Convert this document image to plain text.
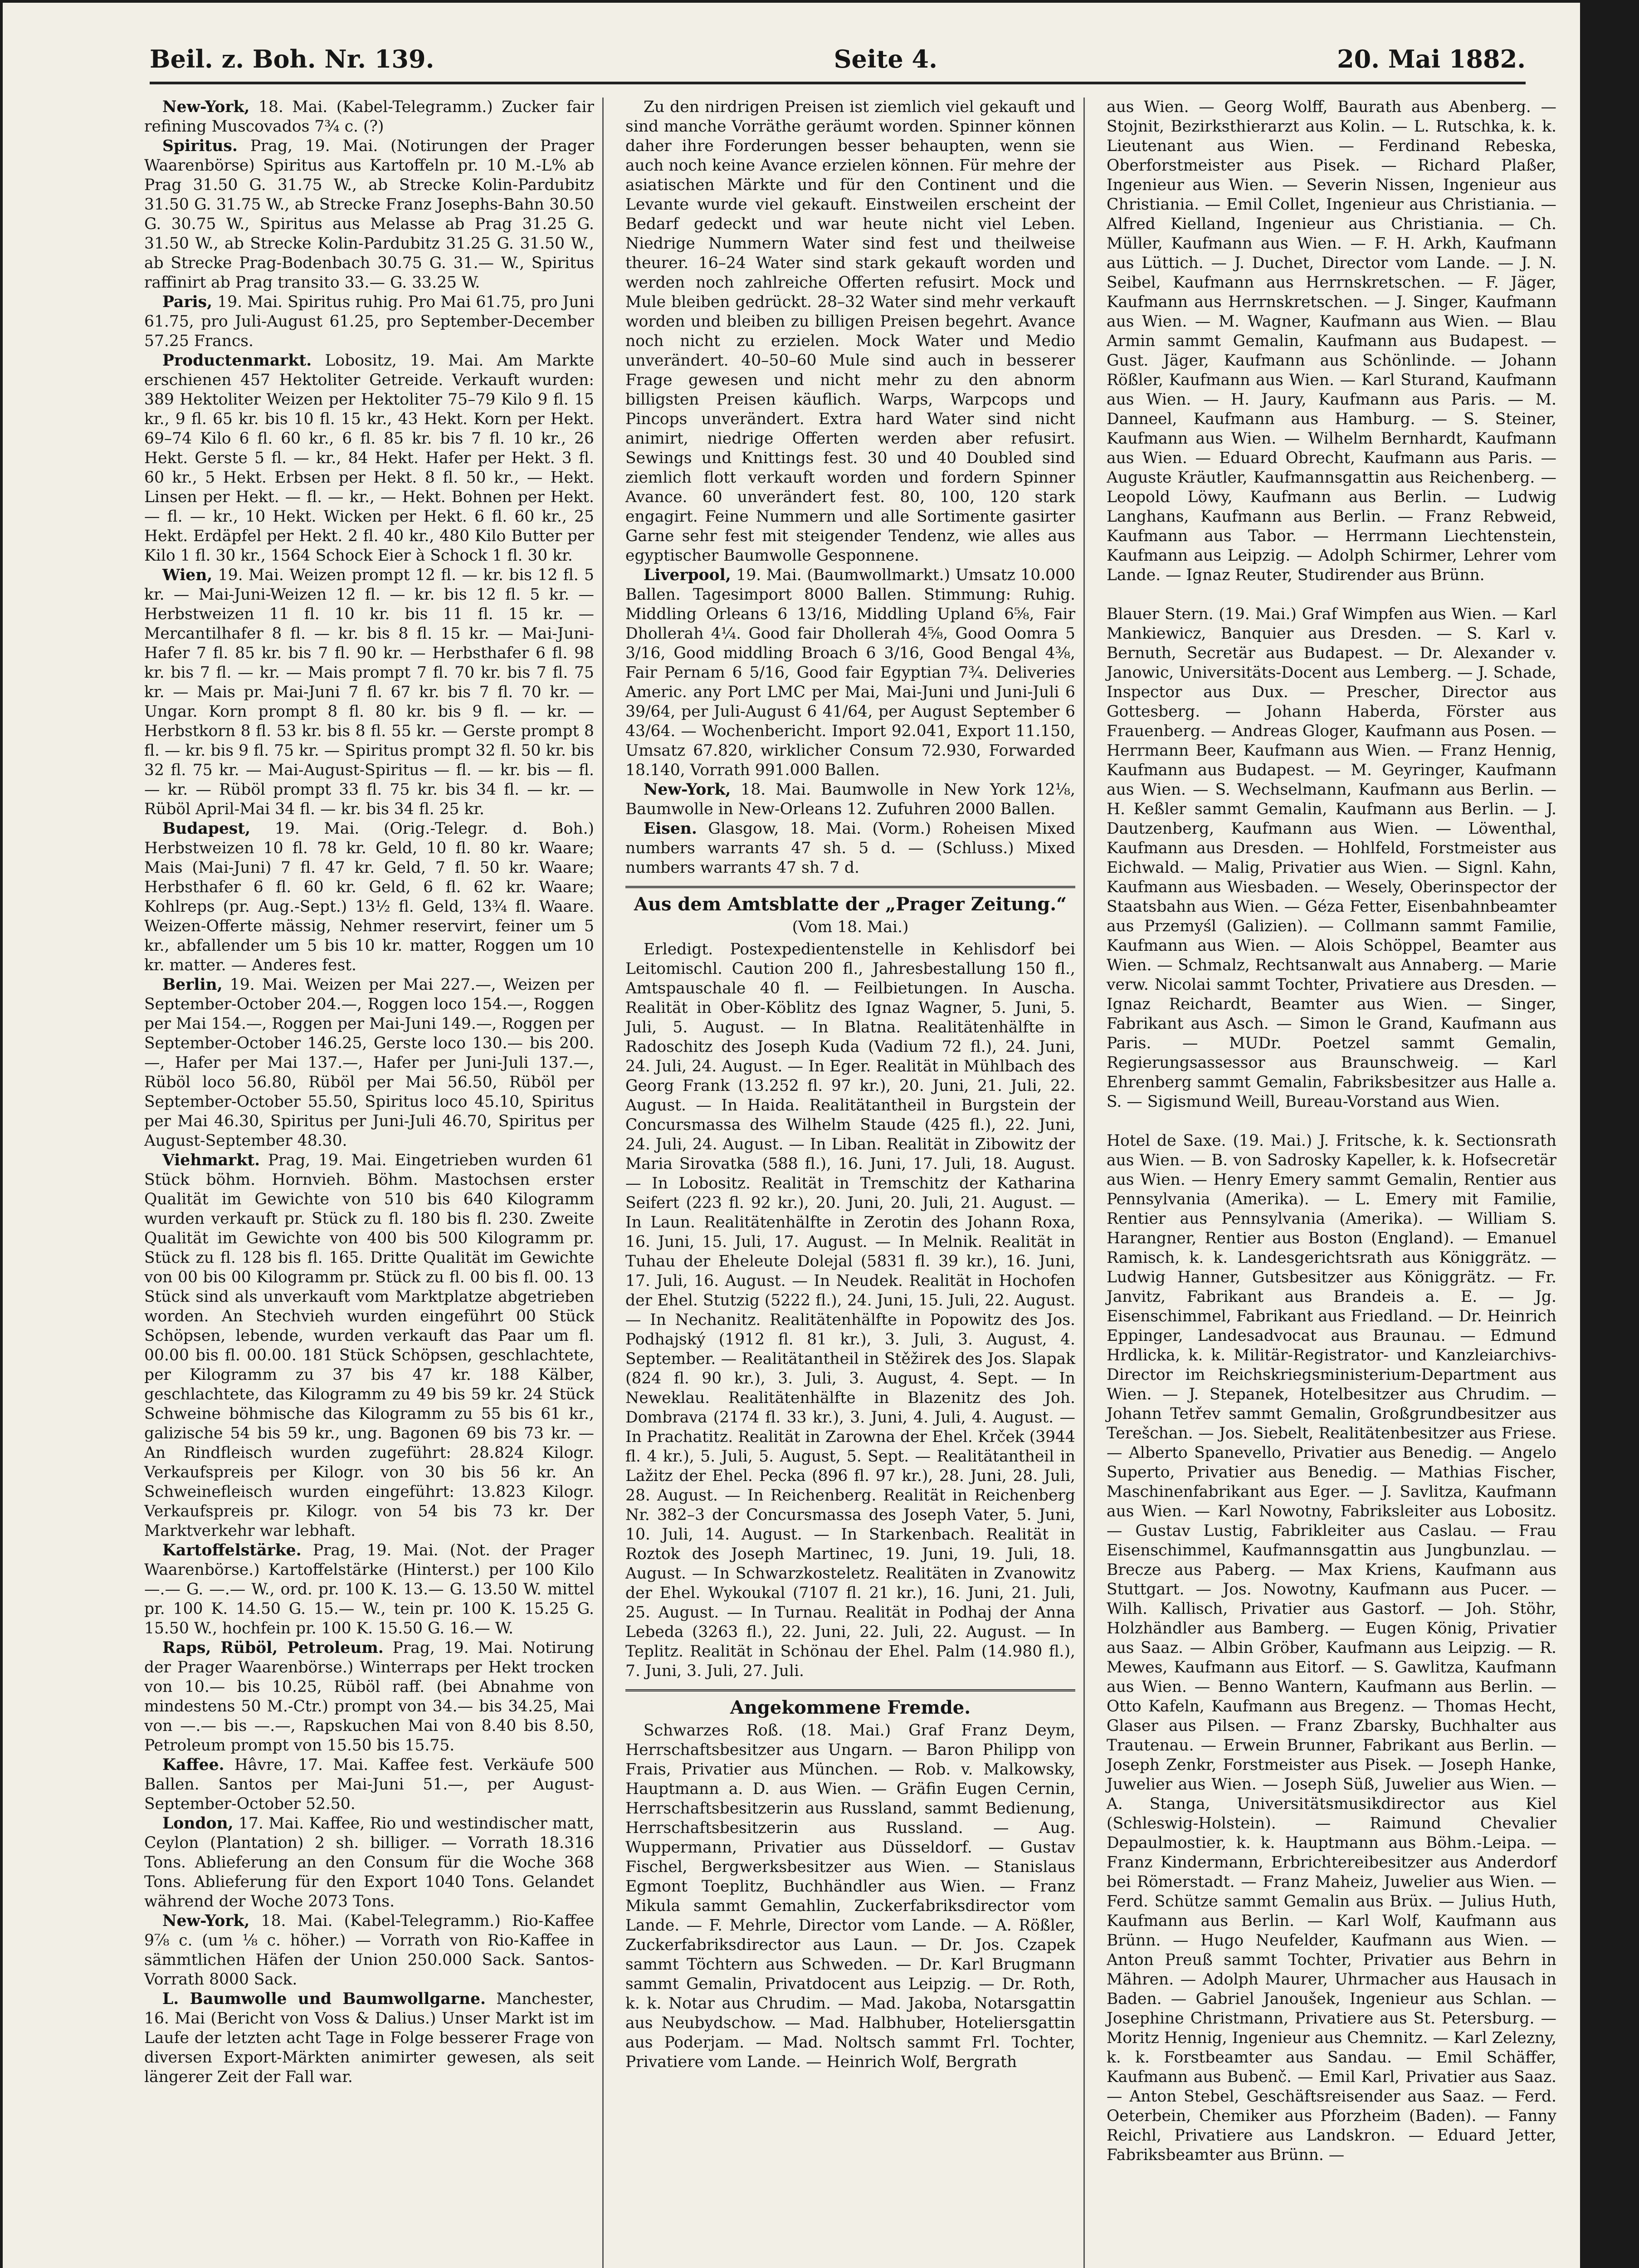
Beil. z. Boh. Nr. 139.	Seite 4.	20. Mai 1882.

New-York, 18. Mai. (Kabel-Telegramm.) Zucker fair refining Muscovados 7¾ c. (?)

Spiritus. Prag, 19. Mai. (Notirungen der Prager Waarenbörse) Spiritus aus Kartoffeln pr. 10 M.-L% ab Prag 31.50 G. 31.75 W., ab Strecke Kolin-Pardubitz 31.50 G. 31.75 W., ab Strecke Franz Josephs-Bahn 30.50 G. 30.75 W., Spiritus aus Melasse ab Prag 31.25 G. 31.50 W., ab Strecke Kolin-Pardubitz 31.25 G. 31.50 W., ab Strecke Prag-Bodenbach 30.75 G. 31.— W., Spiritus raffinirt ab Prag transito 33.— G. 33.25 W.

Paris, 19. Mai. Spiritus ruhig. Pro Mai 61.75, pro Juni 61.75, pro Juli-August 61.25, pro September-December 57.25 Francs.

Productenmarkt. Lobositz, 19. Mai. Am Markte erschienen 457 Hektoliter Getreide. Verkauft wurden: 389 Hektoliter Weizen per Hektoliter 75–79 Kilo 9 fl. 15 kr., 9 fl. 65 kr. bis 10 fl. 15 kr., 43 Hekt. Korn per Hekt. 69–74 Kilo 6 fl. 60 kr., 6 fl. 85 kr. bis 7 fl. 10 kr., 26 Hekt. Gerste 5 fl. — kr., 84 Hekt. Hafer per Hekt. 3 fl. 60 kr., 5 Hekt. Erbsen per Hekt. 8 fl. 50 kr., — Hekt. Linsen per Hekt. — fl. — kr., — Hekt. Bohnen per Hekt. — fl. — kr., 10 Hekt. Wicken per Hekt. 6 fl. 60 kr., 25 Hekt. Erdäpfel per Hekt. 2 fl. 40 kr., 480 Kilo Butter per Kilo 1 fl. 30 kr., 1564 Schock Eier à Schock 1 fl. 30 kr.

Wien, 19. Mai. Weizen prompt 12 fl. — kr. bis 12 fl. 5 kr. — Mai-Juni-Weizen 12 fl. — kr. bis 12 fl. 5 kr. — Herbstweizen 11 fl. 10 kr. bis 11 fl. 15 kr. — Mercantilhafer 8 fl. — kr. bis 8 fl. 15 kr. — Mai-Juni-Hafer 7 fl. 85 kr. bis 7 fl. 90 kr. — Herbsthafer 6 fl. 98 kr. bis 7 fl. — kr. — Mais prompt 7 fl. 70 kr. bis 7 fl. 75 kr. — Mais pr. Mai-Juni 7 fl. 67 kr. bis 7 fl. 70 kr. — Ungar. Korn prompt 8 fl. 80 kr. bis 9 fl. — kr. — Herbstkorn 8 fl. 53 kr. bis 8 fl. 55 kr. — Gerste prompt 8 fl. — kr. bis 9 fl. 75 kr. — Spiritus prompt 32 fl. 50 kr. bis 32 fl. 75 kr. — Mai-August-Spiritus — fl. — kr. bis — fl. — kr. — Rüböl prompt 33 fl. 75 kr. bis 34 fl. — kr. — Rüböl April-Mai 34 fl. — kr. bis 34 fl. 25 kr.

Budapest, 19. Mai. (Orig.-Telegr. d. Boh.) Herbstweizen 10 fl. 78 kr. Geld, 10 fl. 80 kr. Waare; Mais (Mai-Juni) 7 fl. 47 kr. Geld, 7 fl. 50 kr. Waare; Herbsthafer 6 fl. 60 kr. Geld, 6 fl. 62 kr. Waare; Kohlreps (pr. Aug.-Sept.) 13½ fl. Geld, 13¾ fl. Waare. Weizen-Offerte mässig, Nehmer reservirt, feiner um 5 kr., abfallender um 5 bis 10 kr. matter, Roggen um 10 kr. matter. — Anderes fest.

Berlin, 19. Mai. Weizen per Mai 227.—, Weizen per September-October 204.—, Roggen loco 154.—, Roggen per Mai 154.—, Roggen per Mai-Juni 149.—, Roggen per September-October 146.25, Gerste loco 130.— bis 200.—, Hafer per Mai 137.—, Hafer per Juni-Juli 137.—, Rüböl loco 56.80, Rüböl per Mai 56.50, Rüböl per September-October 55.50, Spiritus loco 45.10, Spiritus per Mai 46.30, Spiritus per Juni-Juli 46.70, Spiritus per August-September 48.30.

Viehmarkt. Prag, 19. Mai. Eingetrieben wurden 61 Stück böhm. Hornvieh. Böhm. Mastochsen erster Qualität im Gewichte von 510 bis 640 Kilogramm wurden verkauft pr. Stück zu fl. 180 bis fl. 230. Zweite Qualität im Gewichte von 400 bis 500 Kilogramm pr. Stück zu fl. 128 bis fl. 165. Dritte Qualität im Gewichte von 00 bis 00 Kilogramm pr. Stück zu fl. 00 bis fl. 00. 13 Stück sind als unverkauft vom Marktplatze abgetrieben worden. An Stechvieh wurden eingeführt 00 Stück Schöpsen, lebende, wurden verkauft das Paar um fl. 00.00 bis fl. 00.00. 181 Stück Schöpsen, geschlachtete, per Kilogramm zu 37 bis 47 kr. 188 Kälber, geschlachtete, das Kilogramm zu 49 bis 59 kr. 24 Stück Schweine böhmische das Kilogramm zu 55 bis 61 kr., galizische 54 bis 59 kr., ung. Bagonen 69 bis 73 kr. — An Rindfleisch wurden zugeführt: 28.824 Kilogr. Verkaufspreis per Kilogr. von 30 bis 56 kr. An Schweinefleisch wurden eingeführt: 13.823 Kilogr. Verkaufspreis pr. Kilogr. von 54 bis 73 kr. Der Marktverkehr war lebhaft.

Kartoffelstärke. Prag, 19. Mai. (Not. der Prager Waarenbörse.) Kartoffelstärke (Hinterst.) per 100 Kilo —.— G. —.— W., ord. pr. 100 K. 13.— G. 13.50 W. mittel pr. 100 K. 14.50 G. 15.— W., tein pr. 100 K. 15.25 G. 15.50 W., hochfein pr. 100 K. 15.50 G. 16.— W.

Raps, Rüböl, Petroleum. Prag, 19. Mai. Notirung der Prager Waarenbörse.) Winterraps per Hekt trocken von 10.— bis 10.25, Rüböl raff. (bei Abnahme von mindestens 50 M.-Ctr.) prompt von 34.— bis 34.25, Mai von —.— bis —.—, Rapskuchen Mai von 8.40 bis 8.50, Petroleum prompt von 15.50 bis 15.75.

Kaffee. Hâvre, 17. Mai. Kaffee fest. Verkäufe 500 Ballen. Santos per Mai-Juni 51.—, per August-September-October 52.50.

London, 17. Mai. Kaffee, Rio und westindischer matt, Ceylon (Plantation) 2 sh. billiger. — Vorrath 18.316 Tons. Ablieferung an den Consum für die Woche 368 Tons. Ablieferung für den Export 1040 Tons. Gelandet während der Woche 2073 Tons.

New-York, 18. Mai. (Kabel-Telegramm.) Rio-Kaffee 9⅞ c. (um ⅛ c. höher.) — Vorrath von Rio-Kaffee in sämmtlichen Häfen der Union 250.000 Sack. Santos-Vorrath 8000 Sack.

L. Baumwolle und Baumwollgarne. Manchester, 16. Mai (Bericht von Voss & Dalius.) Unser Markt ist im Laufe der letzten acht Tage in Folge besserer Frage von diversen Export-Märkten animirter gewesen, als seit längerer Zeit der Fall war.

Zu den nirdrigen Preisen ist ziemlich viel gekauft und sind manche Vorräthe geräumt worden. Spinner können daher ihre Forderungen besser behaupten, wenn sie auch noch keine Avance erzielen können. Für mehre der asiatischen Märkte und für den Continent und die Levante wurde viel gekauft. Einstweilen erscheint der Bedarf gedeckt und war heute nicht viel Leben. Niedrige Nummern Water sind fest und theilweise theurer. 16–24 Water sind stark gekauft worden und werden noch zahlreiche Offerten refusirt. Mock und Mule bleiben gedrückt. 28–32 Water sind mehr verkauft worden und bleiben zu billigen Preisen begehrt. Avance noch nicht zu erzielen. Mock Water und Medio unverändert. 40–50–60 Mule sind auch in besserer Frage gewesen und nicht mehr zu den abnorm billigsten Preisen käuflich. Warps, Warpcops und Pincops unverändert. Extra hard Water sind nicht animirt, niedrige Offerten werden aber refusirt. Sewings und Knittings fest. 30 und 40 Doubled sind ziemlich flott verkauft worden und fordern Spinner Avance. 60 unverändert fest. 80, 100, 120 stark engagirt. Feine Nummern und alle Sortimente gasirter Garne sehr fest mit steigender Tendenz, wie alles aus egyptischer Baumwolle Gesponnene.

Liverpool, 19. Mai. (Baumwollmarkt.) Umsatz 10.000 Ballen. Tagesimport 8000 Ballen. Stimmung: Ruhig. Middling Orleans 6 13/16, Middling Upland 6⅝, Fair Dhollerah 4¼. Good fair Dhollerah 4⅝, Good Oomra 5 3/16, Good middling Broach 6 3/16, Good Bengal 4⅜, Fair Pernam 6 5/16, Good fair Egyptian 7¾. Deliveries Americ. any Port LMC per Mai, Mai-Juni und Juni-Juli 6 39/64, per Juli-August 6 41/64, per August September 6 43/64. — Wochenbericht. Import 92.041, Export 11.150, Umsatz 67.820, wirklicher Consum 72.930, Forwarded 18.140, Vorrath 991.000 Ballen.

New-York, 18. Mai. Baumwolle in New York 12⅛, Baumwolle in New-Orleans 12. Zufuhren 2000 Ballen.

Eisen. Glasgow, 18. Mai. (Vorm.) Roheisen Mixed numbers warrants 47 sh. 5 d. — (Schluss.) Mixed numbers warrants 47 sh. 7 d.

Aus dem Amtsblatte der „Prager Zeitung.“
(Vom 18. Mai.)

Erledigt. Postexpedientenstelle in Kehlisdorf bei Leitomischl. Caution 200 fl., Jahresbestallung 150 fl., Amtspauschale 40 fl. — Feilbietungen. In Auscha. Realität in Ober-Köblitz des Ignaz Wagner, 5. Juni, 5. Juli, 5. August. — In Blatna. Realitätenhälfte in Radoschitz des Joseph Kuda (Vadium 72 fl.), 24. Juni, 24. Juli, 24. August. — In Eger. Realität in Mühlbach des Georg Frank (13.252 fl. 97 kr.), 20. Juni, 21. Juli, 22. August. — In Haida. Realitätantheil in Burgstein der Concursmassa des Wilhelm Staude (425 fl.), 22. Juni, 24. Juli, 24. August. — In Liban. Realität in Zibowitz der Maria Sirovatka (588 fl.), 16. Juni, 17. Juli, 18. August. — In Lobositz. Realität in Tremschitz der Katharina Seifert (223 fl. 92 kr.), 20. Juni, 20. Juli, 21. August. — In Laun. Realitätenhälfte in Zerotin des Johann Roxa, 16. Juni, 15. Juli, 17. August. — In Melnik. Realität in Tuhau der Eheleute Dolejal (5831 fl. 39 kr.), 16. Juni, 17. Juli, 16. August. — In Neudek. Realität in Hochofen der Ehel. Stutzig (5222 fl.), 24. Juni, 15. Juli, 22. August. — In Nechanitz. Realitätenhälfte in Popowitz des Jos. Podhajský (1912 fl. 81 kr.), 3. Juli, 3. August, 4. September. — Realitätantheil in Stěžirek des Jos. Slapak (824 fl. 90 kr.), 3. Juli, 3. August, 4. Sept. — In Neweklau. Realitätenhälfte in Blazenitz des Joh. Dombrava (2174 fl. 33 kr.), 3. Juni, 4. Juli, 4. August. — In Prachatitz. Realität in Zarowna der Ehel. Krček (3944 fl. 4 kr.), 5. Juli, 5. August, 5. Sept. — Realitätantheil in Lažitz der Ehel. Pecka (896 fl. 97 kr.), 28. Juni, 28. Juli, 28. August. — In Reichenberg. Realität in Reichenberg Nr. 382–3 der Concursmassa des Joseph Vater, 5. Juni, 10. Juli, 14. August. — In Starkenbach. Realität in Roztok des Joseph Martinec, 19. Juni, 19. Juli, 18. August. — In Schwarzkosteletz. Realitäten in Zvanowitz der Ehel. Wykoukal (7107 fl. 21 kr.), 16. Juni, 21. Juli, 25. August. — In Turnau. Realität in Podhaj der Anna Lebeda (3263 fl.), 22. Juni, 22. Juli, 22. August. — In Teplitz. Realität in Schönau der Ehel. Palm (14.980 fl.), 7. Juni, 3. Juli, 27. Juli.

Angekommene Fremde.

Schwarzes Roß. (18. Mai.) Graf Franz Deym, Herrschaftsbesitzer aus Ungarn. — Baron Philipp von Frais, Privatier aus München. — Rob. v. Malkowsky, Hauptmann a. D. aus Wien. — Gräfin Eugen Cernin, Herrschaftsbesitzerin aus Russland, sammt Bedienung, Herrschaftsbesitzerin aus Russland. — Aug. Wuppermann, Privatier aus Düsseldorf. — Gustav Fischel, Bergwerksbesitzer aus Wien. — Stanislaus Egmont Toeplitz, Buchhändler aus Wien. — Franz Mikula sammt Gemahlin, Zuckerfabriksdirector vom Lande. — F. Mehrle, Director vom Lande. — A. Rößler, Zuckerfabriksdirector aus Laun. — Dr. Jos. Czapek sammt Töchtern aus Schweden. — Dr. Karl Brugmann sammt Gemalin, Privatdocent aus Leipzig. — Dr. Roth, k. k. Notar aus Chrudim. — Mad. Jakoba, Notarsgattin aus Neubydschow. — Mad. Halbhuber, Hoteliersgattin aus Poderjam. — Mad. Noltsch sammt Frl. Tochter, Privatiere vom Lande. — Heinrich Wolf, Bergrath

aus Wien. — Georg Wolff, Baurath aus Abenberg. — Stojnit, Bezirksthierarzt aus Kolin. — L. Rutschka, k. k. Lieutenant aus Wien. — Ferdinand Rebeska, Oberforstmeister aus Pisek. — Richard Plaßer, Ingenieur aus Wien. — Severin Nissen, Ingenieur aus Christiania. — Emil Collet, Ingenieur aus Christiania. — Alfred Kielland, Ingenieur aus Christiania. — Ch. Müller, Kaufmann aus Wien. — F. H. Arkh, Kaufmann aus Lüttich. — J. Duchet, Director vom Lande. — J. N. Seibel, Kaufmann aus Herrnskretschen. — F. Jäger, Kaufmann aus Herrnskretschen. — J. Singer, Kaufmann aus Wien. — M. Wagner, Kaufmann aus Wien. — Blau Armin sammt Gemalin, Kaufmann aus Budapest. — Gust. Jäger, Kaufmann aus Schönlinde. — Johann Rößler, Kaufmann aus Wien. — Karl Sturand, Kaufmann aus Wien. — H. Jaury, Kaufmann aus Paris. — M. Danneel, Kaufmann aus Hamburg. — S. Steiner, Kaufmann aus Wien. — Wilhelm Bernhardt, Kaufmann aus Wien. — Eduard Obrecht, Kaufmann aus Paris. — Auguste Kräutler, Kaufmannsgattin aus Reichenberg. — Leopold Löwy, Kaufmann aus Berlin. — Ludwig Langhans, Kaufmann aus Berlin. — Franz Rebweid, Kaufmann aus Tabor. — Herrmann Liechtenstein, Kaufmann aus Leipzig. — Adolph Schirmer, Lehrer vom Lande. — Ignaz Reuter, Studirender aus Brünn.

Blauer Stern. (19. Mai.) Graf Wimpfen aus Wien. — Karl Mankiewicz, Banquier aus Dresden. — S. Karl v. Bernuth, Secretär aus Budapest. — Dr. Alexander v. Janowic, Universitäts-Docent aus Lemberg. — J. Schade, Inspector aus Dux. — Prescher, Director aus Gottesberg. — Johann Haberda, Förster aus Frauenberg. — Andreas Gloger, Kaufmann aus Posen. — Herrmann Beer, Kaufmann aus Wien. — Franz Hennig, Kaufmann aus Budapest. — M. Geyringer, Kaufmann aus Wien. — S. Wechselmann, Kaufmann aus Berlin. — H. Keßler sammt Gemalin, Kaufmann aus Berlin. — J. Dautzenberg, Kaufmann aus Wien. — Löwenthal, Kaufmann aus Dresden. — Hohlfeld, Forstmeister aus Eichwald. — Malig, Privatier aus Wien. — Signl. Kahn, Kaufmann aus Wiesbaden. — Wesely, Oberinspector der Staatsbahn aus Wien. — Géza Fetter, Eisenbahnbeamter aus Przemyśl (Galizien). — Collmann sammt Familie, Kaufmann aus Wien. — Alois Schöppel, Beamter aus Wien. — Schmalz, Rechtsanwalt aus Annaberg. — Marie verw. Nicolai sammt Tochter, Privatiere aus Dresden. — Ignaz Reichardt, Beamter aus Wien. — Singer, Fabrikant aus Asch. — Simon le Grand, Kaufmann aus Paris. — MUDr. Poetzel sammt Gemalin, Regierungsassessor aus Braunschweig. — Karl Ehrenberg sammt Gemalin, Fabriksbesitzer aus Halle a. S. — Sigismund Weill, Bureau-Vorstand aus Wien.

Hotel de Saxe. (19. Mai.) J. Fritsche, k. k. Sectionsrath aus Wien. — B. von Sadrosky Kapeller, k. k. Hofsecretär aus Wien. — Henry Emery sammt Gemalin, Rentier aus Pennsylvania (Amerika). — L. Emery mit Familie, Rentier aus Pennsylvania (Amerika). — William S. Harangner, Rentier aus Boston (England). — Emanuel Ramisch, k. k. Landesgerichtsrath aus Königgrätz. — Ludwig Hanner, Gutsbesitzer aus Königgrätz. — Fr. Janvitz, Fabrikant aus Brandeis a. E. — Jg. Eisenschimmel, Fabrikant aus Friedland. — Dr. Heinrich Eppinger, Landesadvocat aus Braunau. — Edmund Hrdlicka, k. k. Militär-Registrator- und Kanzleiarchivs-Director im Reichskriegsministerium-Department aus Wien. — J. Stepanek, Hotelbesitzer aus Chrudim. — Johann Tetřev sammt Gemalin, Großgrundbesitzer aus Terešchan. — Jos. Siebelt, Realitätenbesitzer aus Friese. — Alberto Spanevello, Privatier aus Benedig. — Angelo Superto, Privatier aus Benedig. — Mathias Fischer, Maschinenfabrikant aus Eger. — J. Savlitza, Kaufmann aus Wien. — Karl Nowotny, Fabriksleiter aus Lobositz. — Gustav Lustig, Fabrikleiter aus Caslau. — Frau Eisenschimmel, Kaufmannsgattin aus Jungbunzlau. — Brecze aus Paberg. — Max Kriens, Kaufmann aus Stuttgart. — Jos. Nowotny, Kaufmann aus Pucer. — Wilh. Kallisch, Privatier aus Gastorf. — Joh. Stöhr, Holzhändler aus Bamberg. — Eugen König, Privatier aus Saaz. — Albin Gröber, Kaufmann aus Leipzig. — R. Mewes, Kaufmann aus Eitorf. — S. Gawlitza, Kaufmann aus Wien. — Benno Wantern, Kaufmann aus Berlin. — Otto Kafeln, Kaufmann aus Bregenz. — Thomas Hecht, Glaser aus Pilsen. — Franz Zbarsky, Buchhalter aus Trautenau. — Erwein Brunner, Fabrikant aus Berlin. — Joseph Zenkr, Forstmeister aus Pisek. — Joseph Hanke, Juwelier aus Wien. — Joseph Süß, Juwelier aus Wien. — A. Stanga, Universitätsmusikdirector aus Kiel (Schleswig-Holstein). — Raimund Chevalier Depaulmostier, k. k. Hauptmann aus Böhm.-Leipa. — Franz Kindermann, Erbrichtereibesitzer aus Anderdorf bei Römerstadt. — Franz Maheiz, Juwelier aus Wien. — Ferd. Schütze sammt Gemalin aus Brüx. — Julius Huth, Kaufmann aus Berlin. — Karl Wolf, Kaufmann aus Brünn. — Hugo Neufelder, Kaufmann aus Wien. — Anton Preuß sammt Tochter, Privatier aus Behrn in Mähren. — Adolph Maurer, Uhrmacher aus Hausach in Baden. — Gabriel Janoušek, Ingenieur aus Schlan. — Josephine Christmann, Privatiere aus St. Petersburg. — Moritz Hennig, Ingenieur aus Chemnitz. — Karl Zelezny, k. k. Forstbeamter aus Sandau. — Emil Schäffer, Kaufmann aus Bubenč. — Emil Karl, Privatier aus Saaz. — Anton Stebel, Geschäftsreisender aus Saaz. — Ferd. Oeterbein, Chemiker aus Pforzheim (Baden). — Fanny Reichl, Privatiere aus Landskron. — Eduard Jetter, Fabriksbeamter aus Brünn. —
